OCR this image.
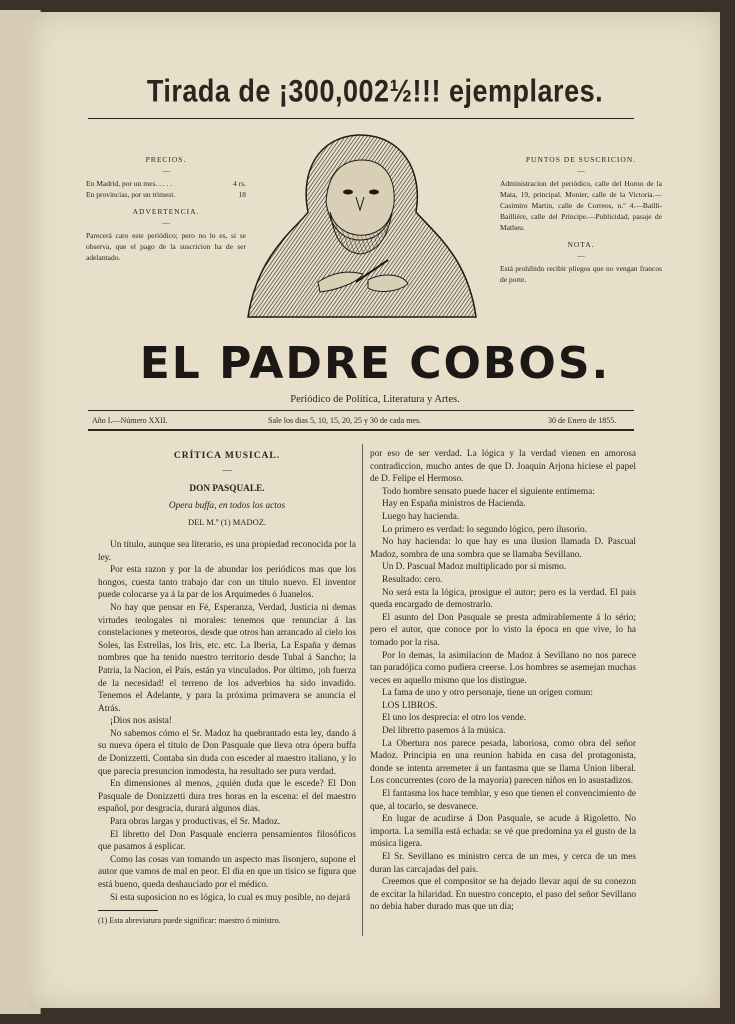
Tirada de ¡300,002½!!! ejemplares.
PRECIOS.
—
En Madrid, por un mes. . . . .	4 rs.
En provincias, por un trimest.	18
ADVERTENCIA.
—

Parecerá caro este periódico; pero no lo es, si se observa, que el pago de la suscricion ha de ser adelantado.

PUNTOS DE SUSCRICION.
—

Administracion del periódico, calle del Horno de la Mata, 19, principal. Monier, calle de la Victoria.—Casimiro Martin, calle de Correos, n.º 4.—Bailli-Bailliére, calle del Príncipe.—Publicidad, pasaje de Matheu.

NOTA.
—

Está prohibido recibir pliegos que no vengan francos de porte.

EL PADRE COBOS.
Periódico de Política, Literatura y Artes.
Año I.—Número XXII.	Sale los dias 5, 10, 15, 20, 25 y 30 de cada mes.	30 de Enero de 1855.
CRÍTICA MUSICAL.

—

DON PASQUALE.

Opera buffa, en todos los actos

DEL M.º (1) MADOZ.

Un título, aunque sea literario, es una propiedad reconocida por la ley.

Por esta razon y por la de abundar los periódicos mas que los hongos, cuesta tanto trabajo dar con un título nuevo. El inventor puede colocarse ya á la par de los Arquimedes ó Juanelos.

No hay que pensar en Fé, Esperanza, Verdad, Justicia ni demas virtudes teologales ni morales: tenemos que renunciar á las constelaciones y meteoros, desde que otros han arrancado al cielo los Soles, las Estrellas, los Iris, etc. etc. La Iberia, La España y demas nombres que ha tenido nuestro territorio desde Tubal á Sancho; la Patria, la Nacion, el Pais, están ya vinculados. Por último, ¡oh fuerza de la necesidad! el terreno de los adverbios ha sido invadido. Tenemos el Adelante, y para la próxima primavera se anuncia el Atrás.

¡Dios nos asista!

No sabemos cómo el Sr. Madoz ha quebrantado esta ley, dando á su nueva ópera el título de Don Pasquale que lleva otra ópera buffa de Donizzetti. Contaba sin duda con esceder al maestro italiano, y lo que parecia presuncion inmodesta, ha resultado ser pura verdad.

En dimensiones al menos, ¿quién duda que le escede? El Don Pasquale de Donizzetti dura tres horas en la escena: el del maestro español, por desgracia, durará algunos dias.

Para obras largas y productivas, el Sr. Madoz.

El libretto del Don Pasquale encierra pensamientos filosóficos que pasamos á esplicar.

Como las cosas van tomando un aspecto mas lisonjero, supone el autor que vamos de mal en peor. El dia en que un tísico se figura que está bueno, queda deshauciado por el médico.

Si esta suposicion no es lógica, lo cual es muy posible, no dejará

(1) Esta abreviatura puede significar: maestro ó ministro.

por eso de ser verdad. La lógica y la verdad vienen en amorosa contradiccion, mucho antes de que D. Joaquin Arjona hiciese el papel de D. Felipe el Hermoso.

Todo hombre sensato puede hacer el siguiente entimema:

Hay en España ministros de Hacienda.

Luego hay hacienda.

Lo primero es verdad: lo segundo lógico, pero ilusorio.

No hay hacienda: lo que hay es una ilusion llamada D. Pascual Madoz, sombra de una sombra que se llamaba Sevillano.

Un D. Pascual Madoz multiplicado por sí mismo.

Resultado: cero.

No será esta la lógica, prosigue el autor; pero es la verdad. El pais queda encargado de demostrarlo.

El asunto del Don Pasquale se presta admirablemente á lo sério; pero el autor, que conoce por lo visto la época en que vive, lo ha tomado por la risa.

Por lo demas, la asimilacion de Madoz á Sevillano no nos parece tan paradójica como pudiera creerse. Los hombres se asemejan muchas veces en aquello mismo que los distingue.

La fama de uno y otro personaje, tiene un origen comun:

LOS LIBROS.

El uno los desprecia: el otro los vende.

Del libretto pasemos á la música.

La Obertura nos parece pesada, laboriosa, como obra del señor Madoz. Principia en una reunion habida en casa del protagonista, donde se intenta arremeter á un fantasma que se llama Union liberal. Los concurrentes (coro de la mayoría) parecen niños en lo asustadizos.

El fantasma los hace temblar, y eso que tienen el convencimiento de que, al tocarlo, se desvanece.

En lugar de acudirse á Don Pasquale, se acude á Rigoletto. No importa. La semilla está echada: se vé que predomina ya el gusto de la música ligera.

El Sr. Sevillano es ministro cerca de un mes, y cerca de un mes duran las carcajadas del pais.

Creemos que el compositor se ha dejado llevar aquí de su conezon de excitar la hilaridad. En nuestro concepto, el paso del señor Sevillano no debia haber durado mas que un dia;
